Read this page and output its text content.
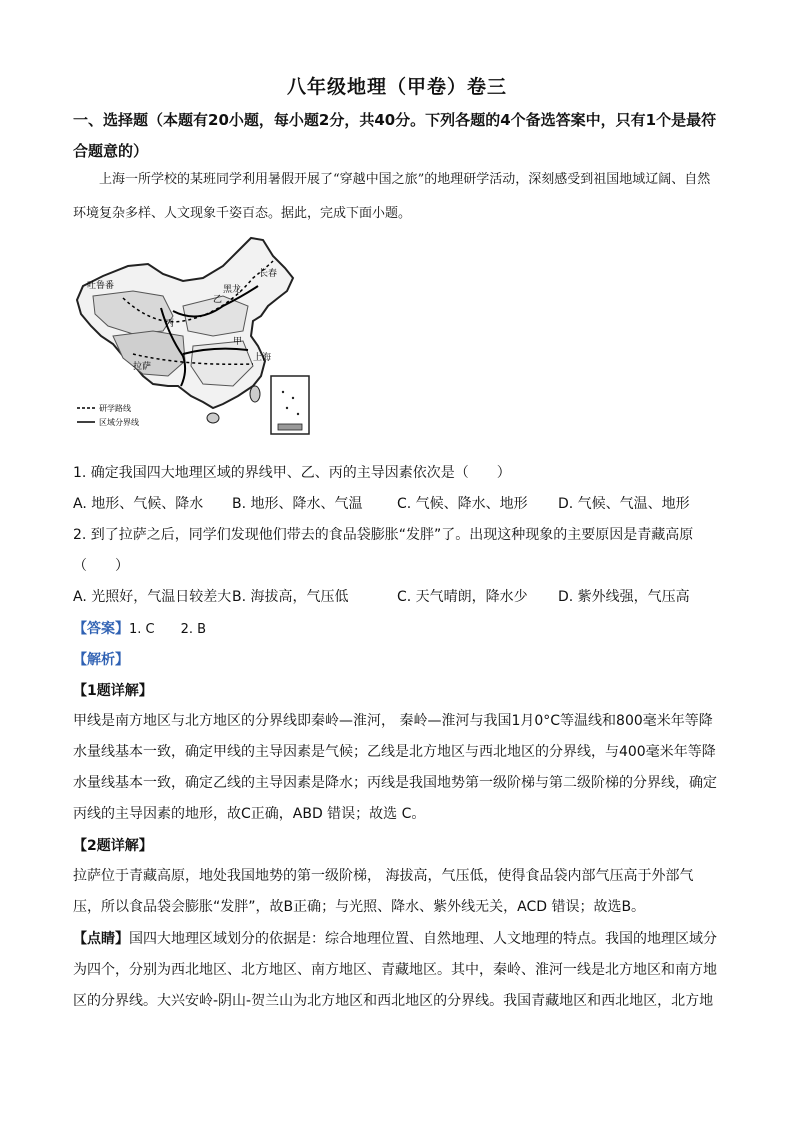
八年级地理（甲卷）卷三
一、选择题（本题有20小题，每小题2分，共40分。下列各题的4个备选答案中，只有1个是最符合题意的）
上海一所学校的某班同学利用暑假开展了“穿越中国之旅”的地理研学活动，深刻感受到祖国地域辽阔、自然环境复杂多样、人文现象千姿百态。据此，完成下面小题。
吐鲁番
长春
拉萨
上海
丙
甲
乙
黑龙
研学路线
区域分界线
1. 确定我国四大地理区域的界线甲、乙、丙的主导因素依次是（　　）
A. 地形、气候、降水 B. 地形、降水、气温 C. 气候、降水、地形 D. 气候、气温、地形
2. 到了拉萨之后，同学们发现他们带去的食品袋膨胀“发胖”了。出现这种现象的主要原因是青藏高原
（　　）
A. 光照好，气温日较差大 B. 海拔高，气压低	C. 天气晴朗，降水少 D. 紫外线强，气压高
【答案】1. C　　2. B
【解析】
【1题详解】
甲线是南方地区与北方地区的分界线即秦岭—淮河， 秦岭—淮河与我国1月0°C等温线和800毫米年等降水量线基本一致，确定甲线的主导因素是气候；乙线是北方地区与西北地区的分界线，与400毫米年等降水量线基本一致，确定乙线的主导因素是降水；丙线是我国地势第一级阶梯与第二级阶梯的分界线，确定丙线的主导因素的地形，故C正确，ABD 错误；故选 C。
【2题详解】
拉萨位于青藏高原，地处我国地势的第一级阶梯， 海拔高，气压低，使得食品袋内部气压高于外部气压，所以食品袋会膨胀“发胖”，故B正确；与光照、降水、紫外线无关，ACD 错误；故选B。
【点睛】国四大地理区域划分的依据是：综合地理位置、自然地理、人文地理的特点。我国的地理区域分为四个，分别为西北地区、北方地区、南方地区、青藏地区。其中，秦岭、淮河一线是北方地区和南方地区的分界线。大兴安岭-阴山-贺兰山为北方地区和西北地区的分界线。我国青藏地区和西北地区，北方地
